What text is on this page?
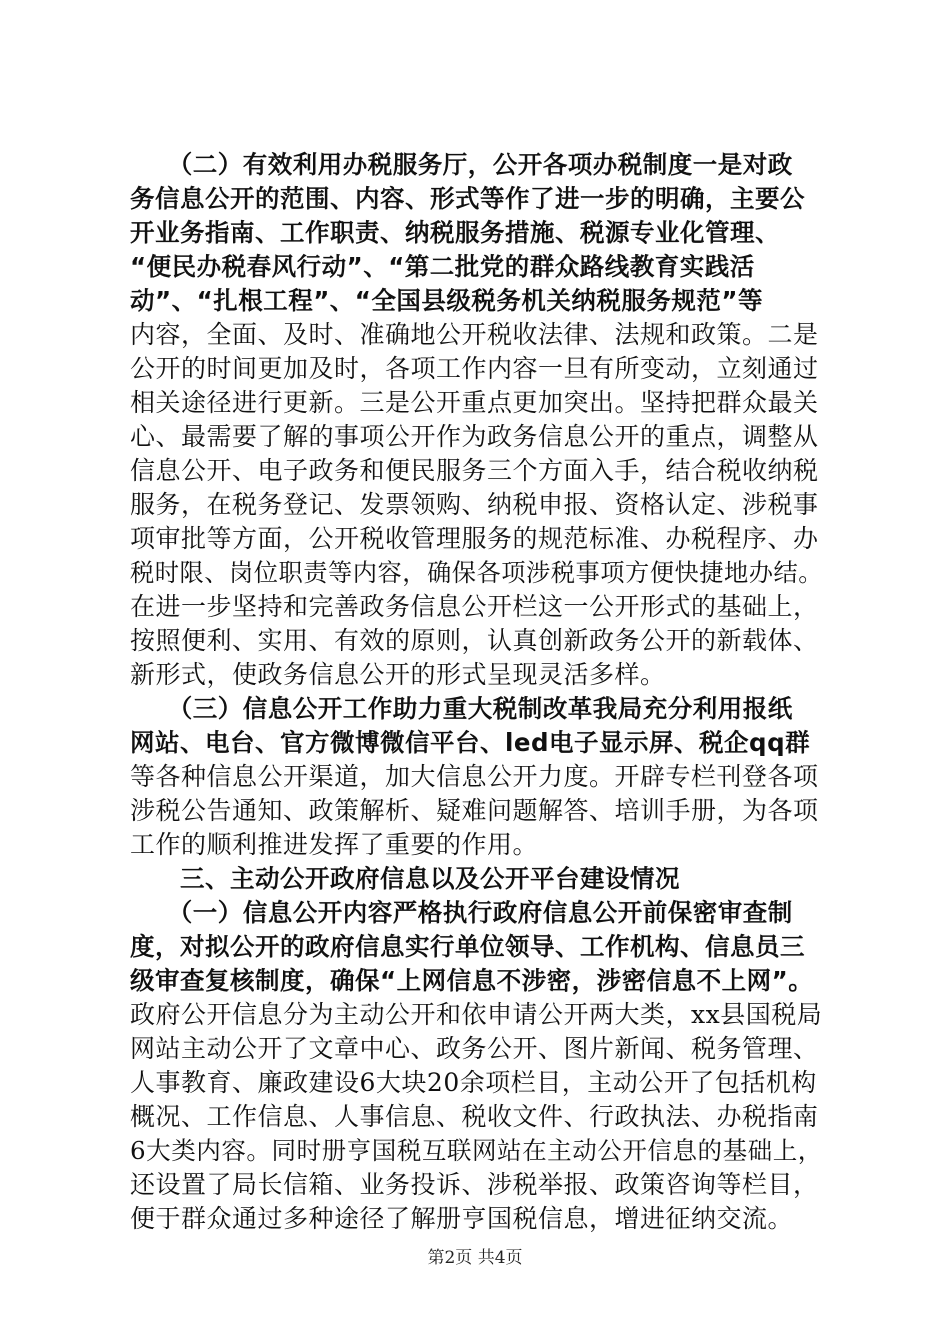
　　（二）有效利用办税服务厅，公开各项办税制度一是对政
务信息公开的范围、内容、形式等作了进一步的明确，主要公
开业务指南、工作职责、纳税服务措施、税源专业化管理、
“便民办税春风行动”、“第二批党的群众路线教育实践活
动”、“扎根工程”、“全国县级税务机关纳税服务规范”等
内容，全面、及时、准确地公开税收法律、法规和政策。二是
公开的时间更加及时，各项工作内容一旦有所变动，立刻通过
相关途径进行更新。三是公开重点更加突出。坚持把群众最关
心、最需要了解的事项公开作为政务信息公开的重点，调整从
信息公开、电子政务和便民服务三个方面入手，结合税收纳税
服务，在税务登记、发票领购、纳税申报、资格认定、涉税事
项审批等方面，公开税收管理服务的规范标准、办税程序、办
税时限、岗位职责等内容，确保各项涉税事项方便快捷地办结。
在进一步坚持和完善政务信息公开栏这一公开形式的基础上，
按照便利、实用、有效的原则，认真创新政务公开的新载体、
新形式，使政务信息公开的形式呈现灵活多样。
　　（三）信息公开工作助力重大税制改革我局充分利用报纸
网站、电台、官方微博微信平台、led电子显示屏、税企qq群
等各种信息公开渠道，加大信息公开力度。开辟专栏刊登各项
涉税公告通知、政策解析、疑难问题解答、培训手册，为各项
工作的顺利推进发挥了重要的作用。
　　三、主动公开政府信息以及公开平台建设情况
　　（一）信息公开内容严格执行政府信息公开前保密审查制
度，对拟公开的政府信息实行单位领导、工作机构、信息员三
级审查复核制度，确保“上网信息不涉密，涉密信息不上网”。
政府公开信息分为主动公开和依申请公开两大类，xx县国税局
网站主动公开了文章中心、政务公开、图片新闻、税务管理、
人事教育、廉政建设6大块20余项栏目，主动公开了包括机构
概况、工作信息、人事信息、税收文件、行政执法、办税指南
6大类内容。同时册亨国税互联网站在主动公开信息的基础上，
还设置了局长信箱、业务投诉、涉税举报、政策咨询等栏目，
便于群众通过多种途径了解册亨国税信息，增进征纳交流。
第2页 共4页
